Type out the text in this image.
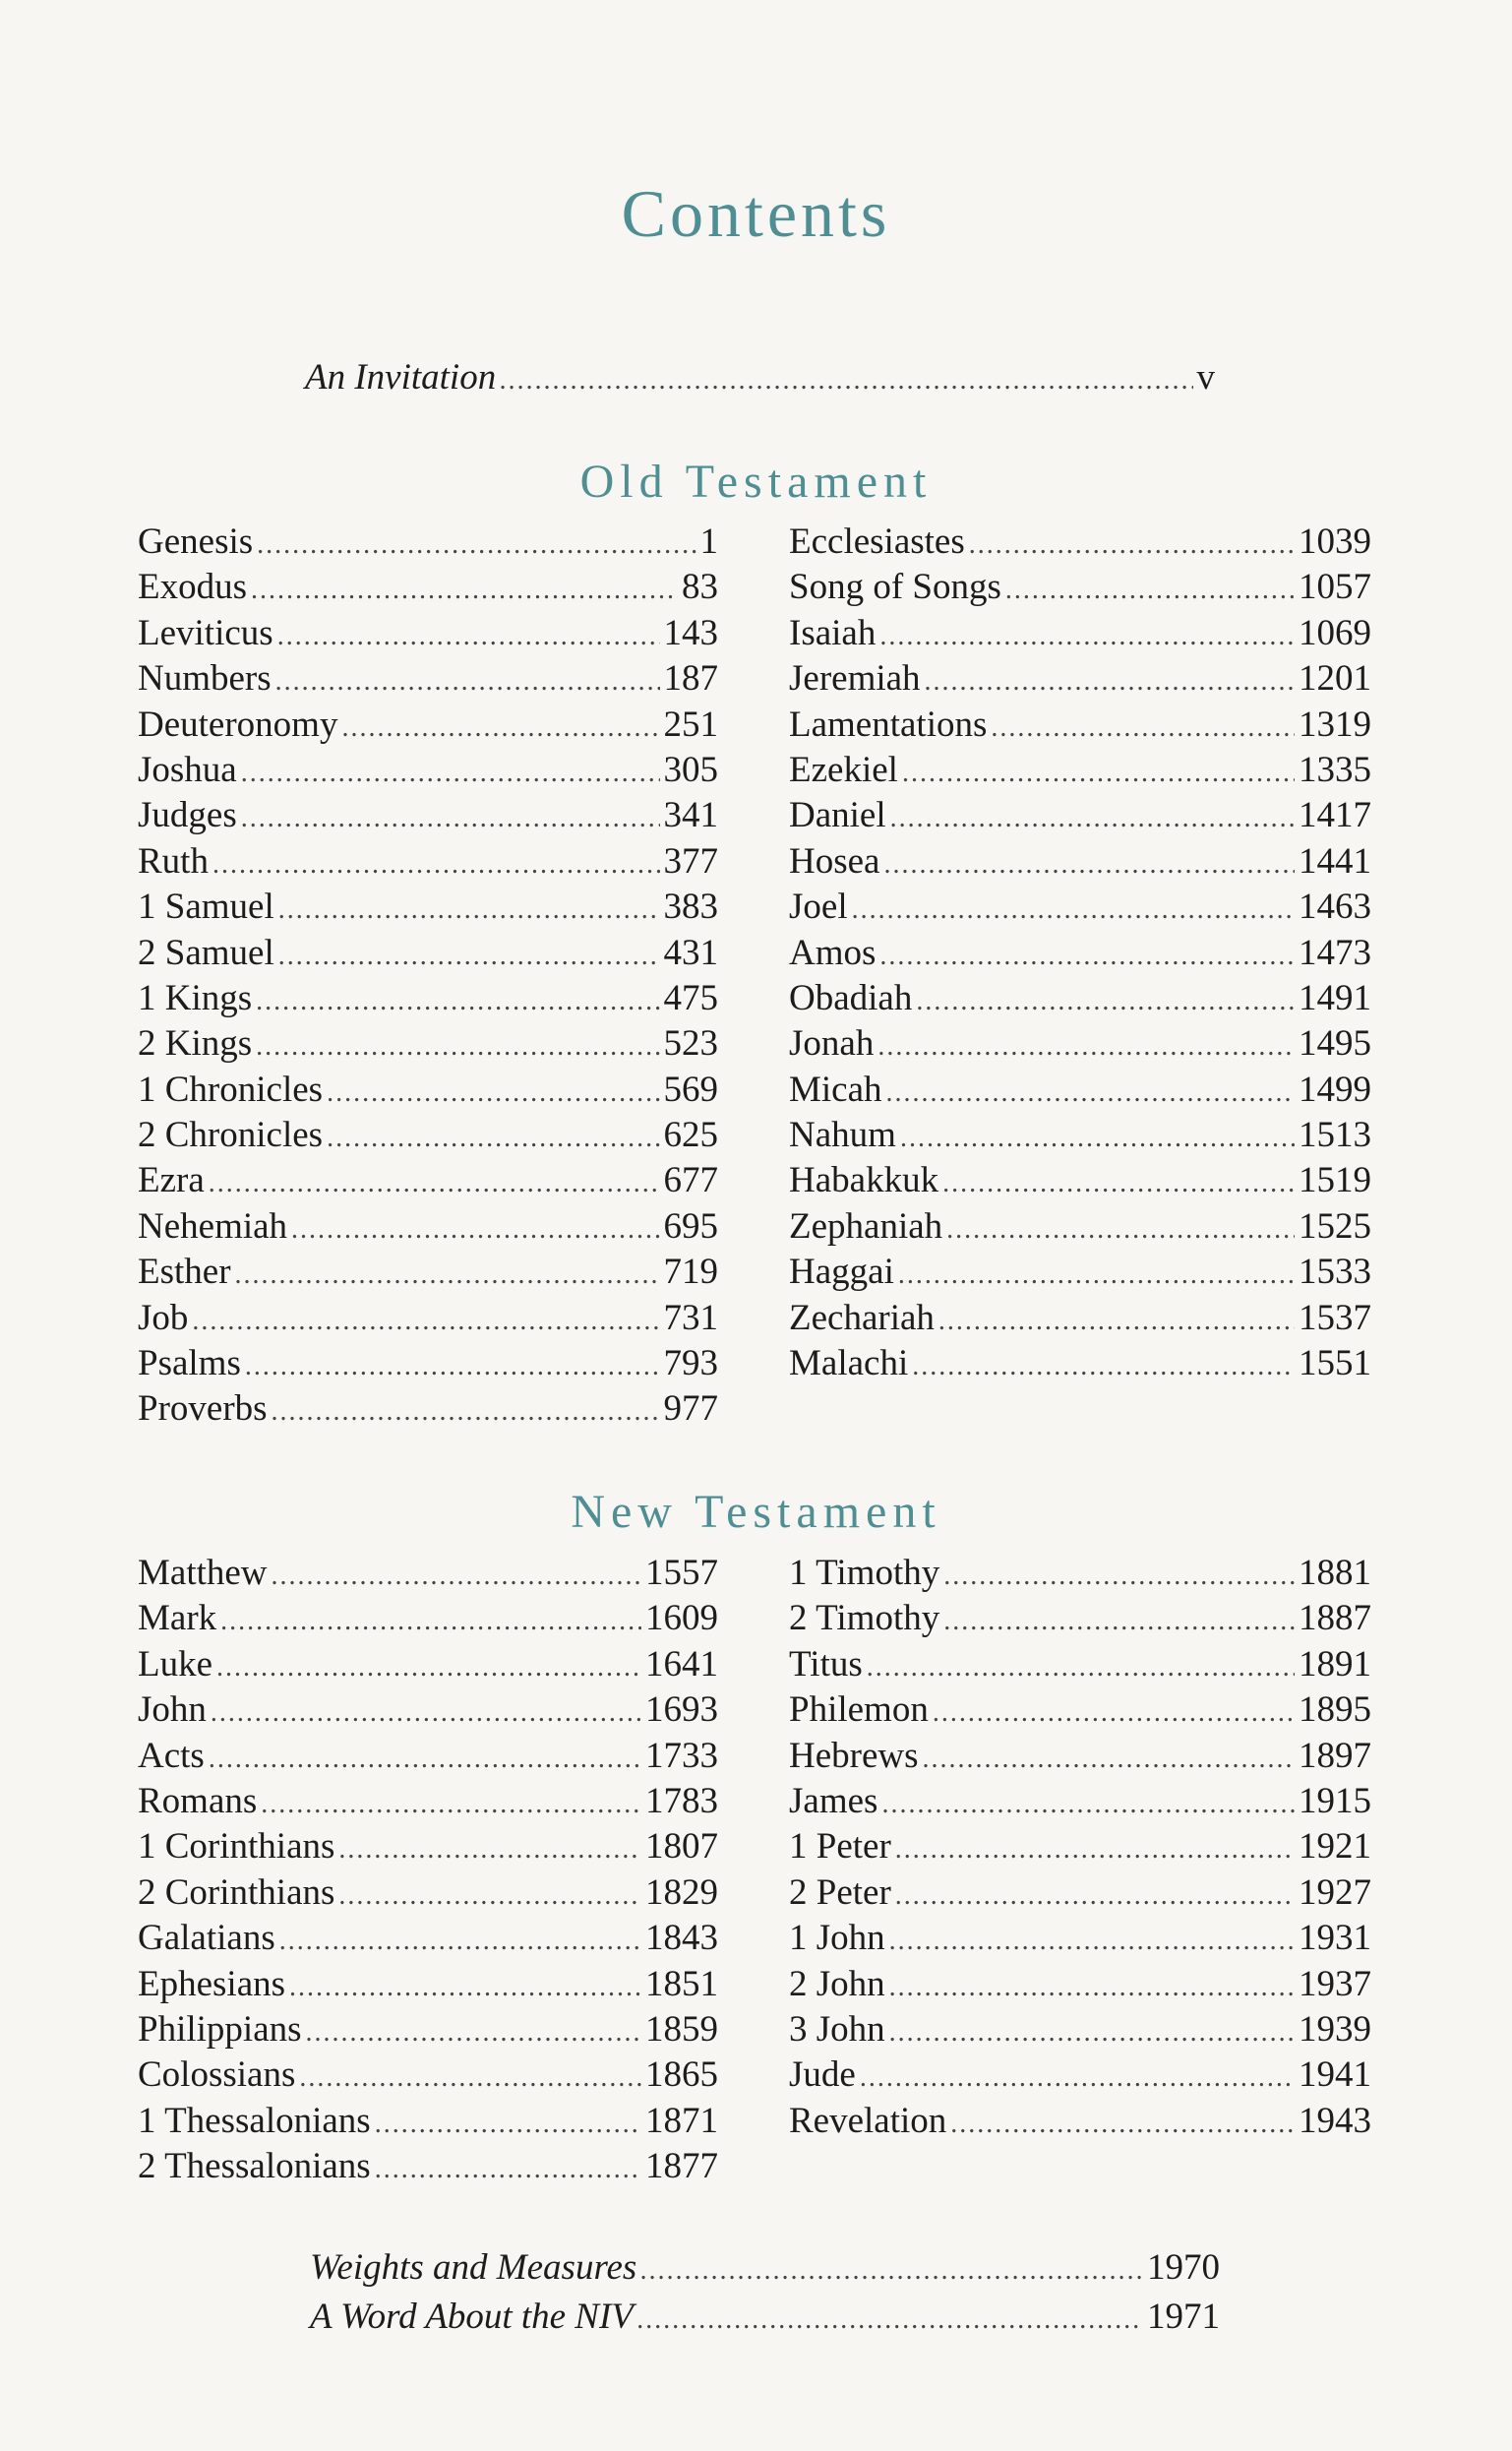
Contents
An Invitation .....	v
Old Testament
Genesis .....	1
Exodus .....	83
Leviticus .....	143
Numbers .....	187
Deuteronomy .....	251
Joshua .....	305
Judges .....	341
Ruth .....	377
1 Samuel .....	383
2 Samuel .....	431
1 Kings .....	475
2 Kings .....	523
1 Chronicles .....	569
2 Chronicles .....	625
Ezra .....	677
Nehemiah .....	695
Esther .....	719
Job .....	731
Psalms .....	793
Proverbs .....	977
Ecclesiastes .....	1039
Song of Songs .....	1057
Isaiah .....	1069
Jeremiah .....	1201
Lamentations .....	1319
Ezekiel .....	1335
Daniel .....	1417
Hosea .....	1441
Joel .....	1463
Amos .....	1473
Obadiah .....	1491
Jonah .....	1495
Micah .....	1499
Nahum .....	1513
Habakkuk .....	1519
Zephaniah .....	1525
Haggai .....	1533
Zechariah .....	1537
Malachi .....	1551
New Testament
Matthew .....	1557
Mark .....	1609
Luke .....	1641
John .....	1693
Acts .....	1733
Romans .....	1783
1 Corinthians .....	1807
2 Corinthians .....	1829
Galatians .....	1843
Ephesians .....	1851
Philippians .....	1859
Colossians .....	1865
1 Thessalonians .....	1871
2 Thessalonians .....	1877
1 Timothy .....	1881
2 Timothy .....	1887
Titus .....	1891
Philemon .....	1895
Hebrews .....	1897
James .....	1915
1 Peter .....	1921
2 Peter .....	1927
1 John .....	1931
2 John .....	1937
3 John .....	1939
Jude .....	1941
Revelation .....	1943
Weights and Measures .....	1970
A Word About the NIV .....	1971
